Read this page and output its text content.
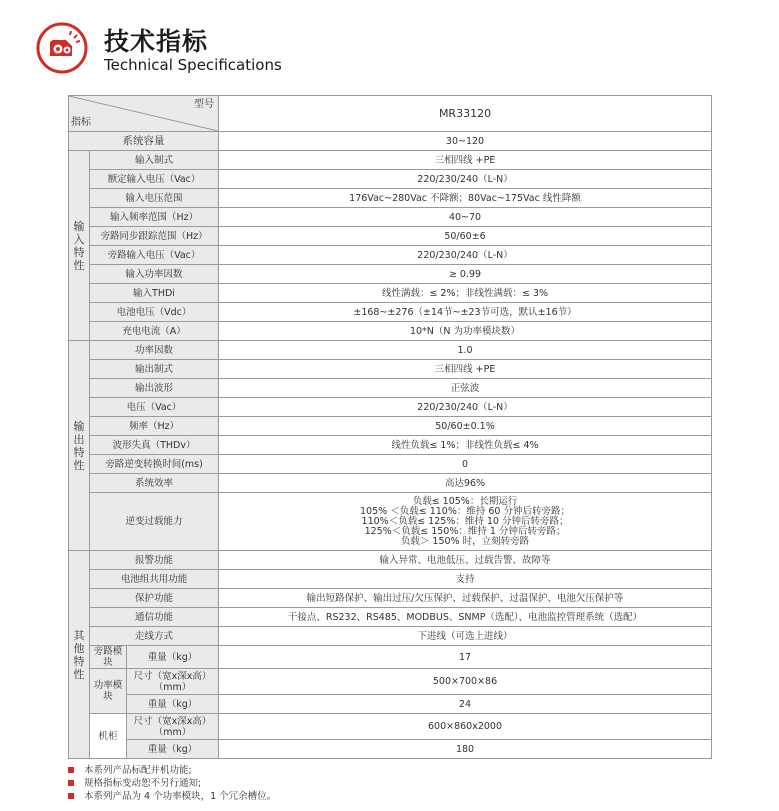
技术指标
Technical Specifications
型号
指标			MR33120
系统容量			30~120

输
入
特
性	输入制式		三相四线 +PE
	额定输入电压（Vac）		220/230/240（L-N）
	输入电压范围		176Vac~280Vac 不降额；80Vac~175Vac 线性降额
	输入频率范围（Hz）		40~70
	旁路同步跟踪范围（Hz）		50/60±6
	旁路输入电压（Vac）		220/230/240（L-N）
	输入功率因数		≥ 0.99
	输入THDi		线性满载：≤ 2%；非线性满载：≤ 3%
	电池电压（Vdc）		±168~±276（±14节~±23节可选，默认±16节）
	充电电流（A）		10*N（N 为功率模块数）

输
出
特
性	功率因数		1.0
	输出制式		三相四线 +PE
	输出波形		正弦波
	电压（Vac）		220/230/240（L-N）
	频率（Hz）		50/60±0.1%
	波形失真（THDv）		线性负载≤ 1%；非线性负载≤ 4%
	旁路逆变转换时间(ms)		0
	系统效率		高达96%
	逆变过载能力		负载≤ 105%：长期运行
105% ＜负载≤ 110%：维持 60 分钟后转旁路；
110%＜负载≤ 125%：维持 10 分钟后转旁路；
125%＜负载≤ 150%：维持 1 分钟后转旁路；
负载＞ 150% 时，立刻转旁路

其
他
特
性	报警功能		输入异常、电池低压、过载告警、故障等
	电池组共用功能		支持
	保护功能		输出短路保护、输出过压/欠压保护、过载保护、过温保护、电池欠压保护等
	通信功能		干接点、RS232、RS485、MODBUS、SNMP（选配）、电池监控管理系统（选配）
	走线方式		下进线（可选上进线）
	旁路模块	重量（kg）	17
	功率模块	尺寸（宽x深x高）
（mm）	500×700×86
		重量（kg）	24
	机柜	尺寸（宽x深x高）
（mm）	600×860x2000
		重量（kg）	180
本系列产品标配并机功能;
规格指标变动恕不另行通知;
本系列产品为 4 个功率模块，1 个冗余槽位。
